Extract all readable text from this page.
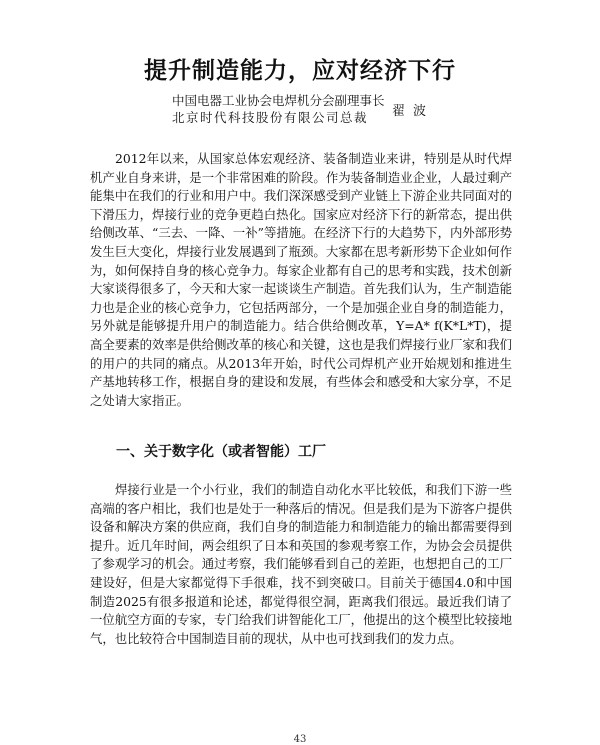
提升制造能力，应对经济下行
中国电器工业协会电焊机分会副理事长
北京时代科技股份有限公司总裁 翟波

2012年以来，从国家总体宏观经济、装备制造业来讲，特别是从时代焊机产业自身来讲，是一个非常困难的阶段。作为装备制造业企业，人最过剩产能集中在我们的行业和用户中。我们深深感受到产业链上下游企业共同面对的下滑压力，焊接行业的竞争更趋白热化。国家应对经济下行的新常态，提出供给侧改革、“三去、一降、一补”等措施。在经济下行的大趋势下，内外部形势发生巨大变化，焊接行业发展遇到了瓶颈。大家都在思考新形势下企业如何作为，如何保持自身的核心竞争力。每家企业都有自己的思考和实践，技术创新大家谈得很多了，今天和大家一起谈谈生产制造。首先我们认为，生产制造能力也是企业的核心竞争力，它包括两部分，一个是加强企业自身的制造能力，另外就是能够提升用户的制造能力。结合供给侧改革，Y=A* f(K*L*T)，提高全要素的效率是供给侧改革的核心和关键，这也是我们焊接行业厂家和我们的用户的共同的痛点。从2013年开始，时代公司焊机产业开始规划和推进生产基地转移工作，根据自身的建设和发展，有些体会和感受和大家分享，不足之处请大家指正。

一、关于数字化（或者智能）工厂

焊接行业是一个小行业，我们的制造自动化水平比较低，和我们下游一些高端的客户相比，我们也是处于一种落后的情况。但是我们是为下游客户提供设备和解决方案的供应商，我们自身的制造能力和制造能力的输出都需要得到提升。近几年时间，两会组织了日本和英国的参观考察工作，为协会会员提供了参观学习的机会。通过考察，我们能够看到自己的差距，也想把自己的工厂建设好，但是大家都觉得下手很难，找不到突破口。目前关于德国4.0和中国制造2025有很多报道和论述，都觉得很空洞，距离我们很远。最近我们请了一位航空方面的专家，专门给我们讲智能化工厂，他提出的这个模型比较接地气，也比较符合中国制造目前的现状，从中也可找到我们的发力点。

43
